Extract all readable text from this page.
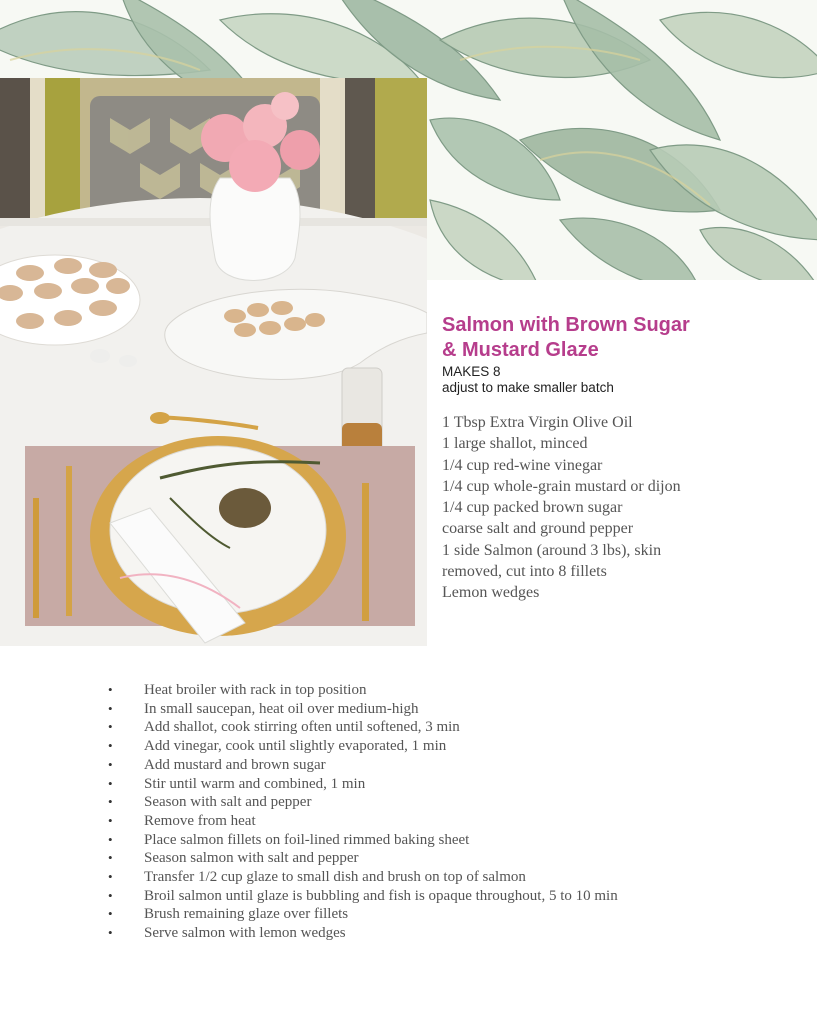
Salmon with Brown Sugar
& Mustard Glaze
MAKES 8
adjust to make smaller batch
1 Tbsp Extra Virgin Olive Oil
1 large shallot, minced
1/4 cup red-wine vinegar
1/4 cup whole-grain mustard or dijon
1/4 cup packed brown sugar
coarse salt and ground pepper
1 side Salmon (around 3 lbs), skin
removed, cut into 8 fillets
Lemon wedges
• Heat broiler with rack in top position
• In small saucepan, heat oil over medium-high
• Add shallot, cook stirring often until softened, 3 min
• Add vinegar, cook until slightly evaporated, 1 min
• Add mustard and brown sugar
• Stir until warm and combined, 1 min
• Season with salt and pepper
• Remove from heat
• Place salmon fillets on foil-lined rimmed baking sheet
• Season salmon with salt and pepper
• Transfer 1/2 cup glaze to small dish and brush on top of salmon
• Broil salmon until glaze is bubbling and fish is opaque throughout, 5 to 10 min
• Brush remaining glaze over fillets
• Serve salmon with lemon wedges
